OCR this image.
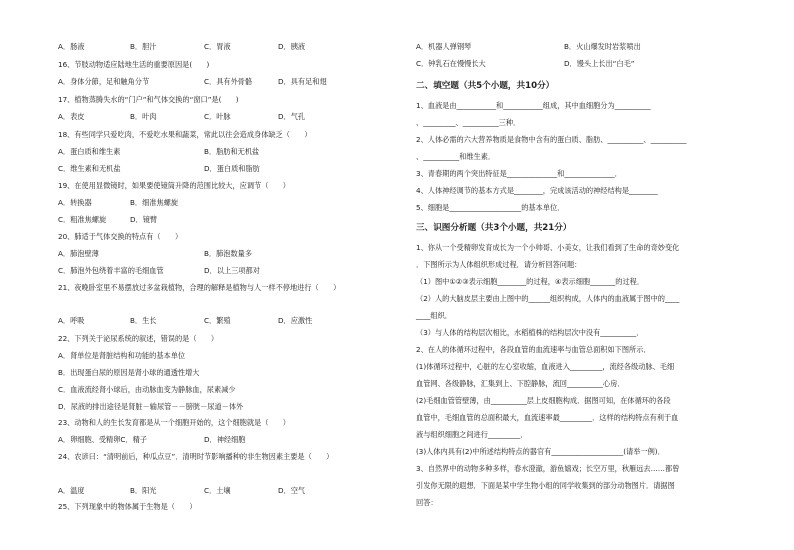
A．肠液	B．胆汁	C．胃液	D．胰液
16、节肢动物适应陆地生活的重要原因是(　　)
A．身体分節，足和触角分节	C．具有外骨骼	D．具有足和翅
17、植物蒸腾失水的“门户”和气体交换的“窗口”是(　　)
A．表皮	B．叶肉	C．叶脉	D．气孔
18、有些同学只爱吃肉，不爱吃水果和蔬菜，常此以往会造成身体缺乏（　　）
A．蛋白质和维生素	B．脂肪和无机盐
C．维生素和无机盐	D．蛋白质和脂肪
19、在使用显微镜时，如果要使镜筒升降的范围比较大，应调节（　　）
A．转换器	B．细准焦螺旋
C．粗准焦螺旋	D．镜臂
20、肺适于气体交换的特点有（　　）
A．肺泡壁薄	B．肺泡数量多
C．肺泡外包绕着丰富的毛细血管	D．以上三项都对
21、夜晚卧室里不易摆放过多盆栽植物，合理的解释是植物与人一样不停地进行（　　）
A．呼吸	B．生长	C．繁殖	D．应激性
22、下列关于泌尿系统的叙述，错误的是（　　）
A．肾单位是肾脏结构和功能的基本单位
B．出现蛋白尿的原因是肾小球的通透性增大
C．血液流经肾小球后，由动脉血变为静脉血，尿素减少
D．尿液的排出途径是肾脏－输尿管－－膀胱－尿道－体外
23、动物和人的生长发育都是从一个细胞开始的，这个细胞就是（　　）
A．卵细胞、受精卵C．精子	D．神经细胞
24、农谚曰：“清明前后，种瓜点豆”．清明时节影响播种的非生物因素主要是（　　）
A．温度	B．阳光	C．土壤	D．空气
25、下列现象中的物体属于生物是（　　）
A．机器人弹钢琴	B．火山爆发时岩浆喷出
C．钟乳石在慢慢长大	D．馒头上长出“白毛”
二、填空题（共5个小题，共10分）
1、血液是由___________和___________组成，其中血细胞分为__________
、_________、__________三种．
2、人体必需的六大营养物质是食物中含有的蛋白质、脂肪、__________、__________
、__________和维生素．
3、青春期的两个突出特征是______________和______________．
4、人体神经调节的基本方式是________，完成该活动的神经结构是________
5、细胞是____________________的基本单位．
三、识图分析题（共3个小题，共21分）
1、你从一个受精卵发育成长为一个小帅哥、小美女，让我们看到了生命的奇妙变化
．下图所示为人体组织形成过程．请分析回答问题：
（1）图中①②③表示细胞________的过程，④表示细胞_______的过程．
（2）人的大脑皮层主要由上图中的______组织构成，人体内的血液属于图中的____
____组织．
（3）与人体的结构层次相比，水稻植株的结构层次中没有__________．
2、在人的体循环过程中，各段血管的血流速率与血管总面积如下图所示．
(1)体循环过程中，心脏的左心室收缩，血液进入_________，流经各级动脉、毛细
血管网、各级静脉，汇集到上、下腔静脉，流回__________心房．
(2)毛细血管管壁薄，由__________层上皮细胞构成．据图可知，在体循环的各段
血管中，毛细血管的总面积最大，血流速率最_________．这样的结构特点有利于血
液与组织细胞之间进行_________．
(3)人体内具有(2)中所述结构特点的器官有____________________(请举一例)．
3、自然界中的动物多种多样，春水澄澈，游鱼嬉戏；长空万里，秋雁远去……都曾
引发你无限的遐想．下面是某中学生物小组的同学收集到的部分动物图片．请据图
回答：
